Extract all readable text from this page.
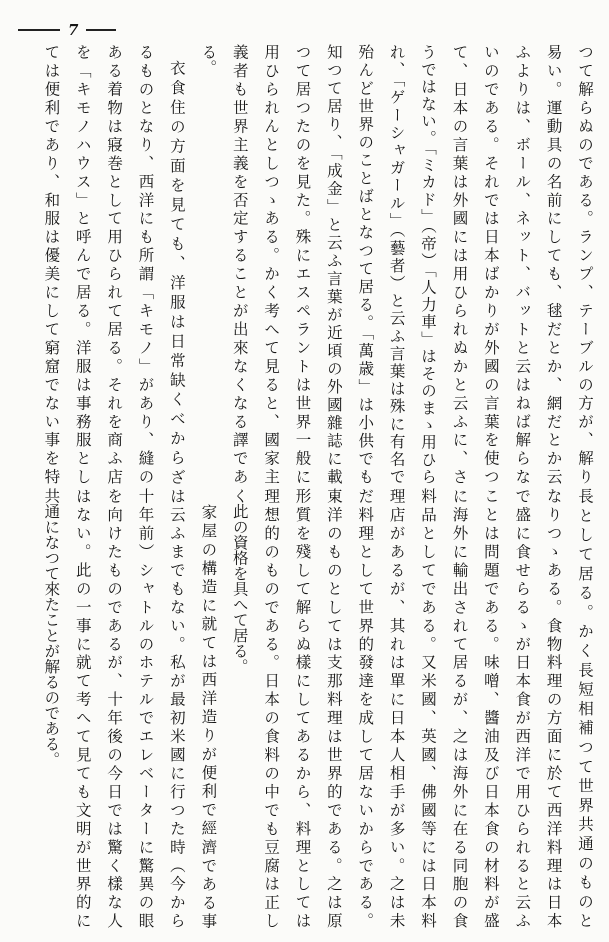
7
つて解らぬのである。ランプ、テーブルの方が、解り
易い。運動具の名前にしても、毬だとか、網だとか云
ふよりは、ボール、ネット、バットと云はねば解らな
いのである。それでは日本ばかりが外國の言葉を使つ
て、日本の言葉は外國には用ひられぬかと云ふに、さ
うではない。「ミカド」（帝）「人力車」はそのまゝ用ひら
れ、「ゲーシャガール」（藝者）と云ふ言葉は殊に有名で
殆んど世界のことばとなつて居る。「萬歳」は小供でも
知つて居り、「成金」と云ふ言葉が近頃の外國雜誌に載
つて居つたのを見た。殊にエスペラントは世界一般に
用ひられんとしつゝある。かく考へて見ると、國家主
義者も世界主義を否定することが出來なくなる譯であ
る。
衣食住の方面を見ても、洋服は日常缺くべからざ
るものとなり、西洋にも所謂「キモノ」があり、縫の
ある着物は寢巻として用ひられて居る。それを商ふ店
を「キモノハウス」と呼んで居る。洋服は事務服とし
ては便利であり、和服は優美にして窮窟でない事を特
長として居る。かく長短相補つて世界共通のものと
なりつゝある。食物料理の方面に於て西洋料理は日本
で盛に食せらるゝが日本食が西洋で用ひられると云ふ
ことは問題である。味噌、醬油及び日本食の材料が盛
に海外に輸出されて居るが、之は海外に在る同胞の食
料品としてである。又米國、英國、佛國等には日本料
理店があるが、其れは單に日本人相手が多い。之は未
だ料理として世界的發達を成して居ないからである。
東洋のものとしては支那料理は世界的である。之は原
形質を殘して解らぬ樣にしてあるから、料理としては
理想的のものである。日本の食料の中でも豆腐は正し
く此の資格を具へて居る。
家屋の構造に就ては西洋造りが便利で經濟である事
は云ふまでもない。私が最初米國に行つた時（今から
十年前）シャトルのホテルでエレベーターに驚異の眼
を向けたものであるが、十年後の今日では驚く樣な人
はない。此の一事に就て考へて見ても文明が世界的に
共通になつて來たことが解るのである。
